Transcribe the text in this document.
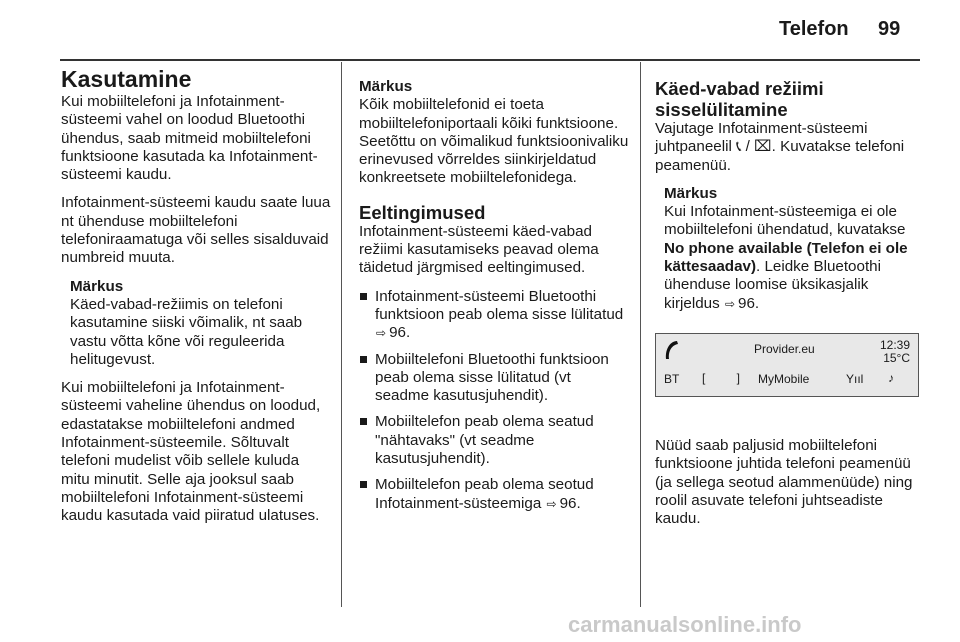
Telefon 99
Kasutamine

Kui mobiiltelefoni ja Infotainment-süsteemi vahel on loodud Bluetoothi ühendus, saab mitmeid mobiiltelefoni funktsioone kasutada ka Infotainment-süsteemi kaudu.

Infotainment-süsteemi kaudu saate luua nt ühenduse mobiiltelefoni telefoniraamatuga või selles sisalduvaid numbreid muuta.

Märkus
Käed-vabad-režiimis on telefoni kasutamine siiski võimalik, nt saab vastu võtta kõne või reguleerida helitugevust.

Kui mobiiltelefoni ja Infotainment-süsteemi vaheline ühendus on loodud, edastatakse mobiiltelefoni andmed Infotainment-süsteemile. Sõltuvalt telefoni mudelist võib sellele kuluda mitu minutit. Selle aja jooksul saab mobiiltelefoni Infotainment-süsteemi kaudu kasutada vaid piiratud ulatuses.

Märkus
Kõik mobiiltelefonid ei toeta mobiiltelefoniportaali kõiki funktsioone. Seetõttu on võimalikud funktsioonivaliku erinevused võrreldes siinkirjeldatud konkreetsete mobiiltelefonidega.
Eeltingimused

Infotainment-süsteemi käed-vabad režiimi kasutamiseks peavad olema täidetud järgmised eeltingimused.

Infotainment-süsteemi Bluetoothi funktsioon peab olema sisse lülitatud ⇨ 96.
Mobiiltelefoni Bluetoothi funktsioon peab olema sisse lülitatud (vt seadme kasutusjuhendit).
Mobiiltelefon peab olema seatud "nähtavaks" (vt seadme kasutusjuhendit).
Mobiiltelefon peab olema seotud Infotainment-süsteemiga ⇨ 96.
Käed-vabad režiimi sisselülitamine

Vajutage Infotainment-süsteemi juhtpaneelil 📞︎ / ⌧. Kuvatakse telefoni peamenüü.

Märkus
Kui Infotainment-süsteemiga ei ole mobiiltelefoni ühendatud, kuvatakse No phone available (Telefon ei ole kättesaadav). Leidke Bluetoothi ühenduse loomise üksikasjalik kirjeldus ⇨ 96.
Provider.eu	12:39
15°C
BT [ ] MyMobile	Yııl ♪

Nüüd saab paljusid mobiiltelefoni funktsioone juhtida telefoni peamenüü (ja sellega seotud alammenüüde) ning roolil asuvate telefoni juhtseadiste kaudu.

carmanualsonline.info
